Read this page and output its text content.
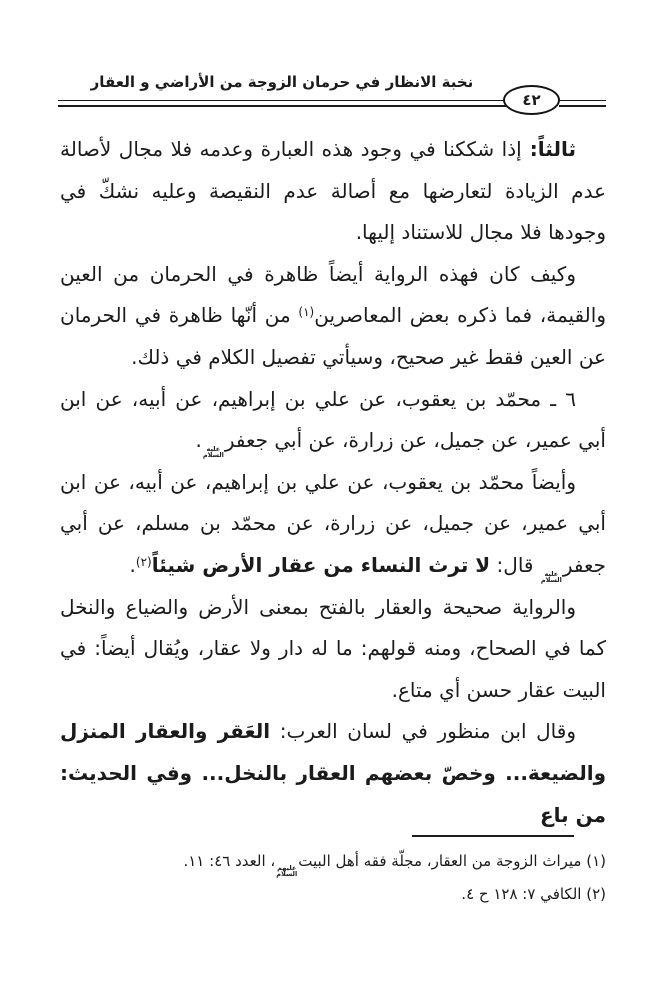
نخبة الانظار في حرمان الزوجة من الأراضي و العقار
٤٢
ثالثاً: إذا شككنا في وجود هذه العبارة وعدمه فلا مجال لأصالة عدم الزيادة لتعارضها مع أصالة عدم النقيصة وعليه نشكّ في وجودها فلا مجال للاستناد إليها.
وكيف كان فهذه الرواية أيضاً ظاهرة في الحرمان من العين والقيمة، فما ذكره بعض المعاصرين$^{(١)}$ من أنّها ظاهرة في الحرمان عن العين فقط غير صحيح، وسيأتي تفصيل الكلام في ذلك.
٦ ـ محمّد بن يعقوب، عن علي بن إبراهيم، عن أبيه، عن ابن أبي عمير، عن جميل، عن زرارة، عن أبي جعفر
عليه
السلام
.
وأيضاً محمّد بن يعقوب، عن علي بن إبراهيم، عن أبيه، عن ابن أبي عمير، عن جميل، عن زرارة، عن محمّد بن مسلم، عن أبي جعفر
عليه
السلام
قال: لا ترث النساء من عقار الأرض شيئاً$^{(٢)}$.
والرواية صحيحة والعقار بالفتح بمعنى الأرض والضياع والنخل كما في الصحاح، ومنه قولهم: ما له دار ولا عقار، ويُقال أيضاً: في البيت عقار حسن أي متاع.
وقال ابن منظور في لسان العرب: العَقر والعقار المنزل والضيعة... وخصّ بعضهم العقار بالنخل... وفي الحديث: من باع
(١) ميراث الزوجة من العقار، مجلّة فقه أهل البيت
عليهم
السلام
، العدد ٤٦: ١١.
(٢) الكافي ٧: ١٢٨ ح ٤.
